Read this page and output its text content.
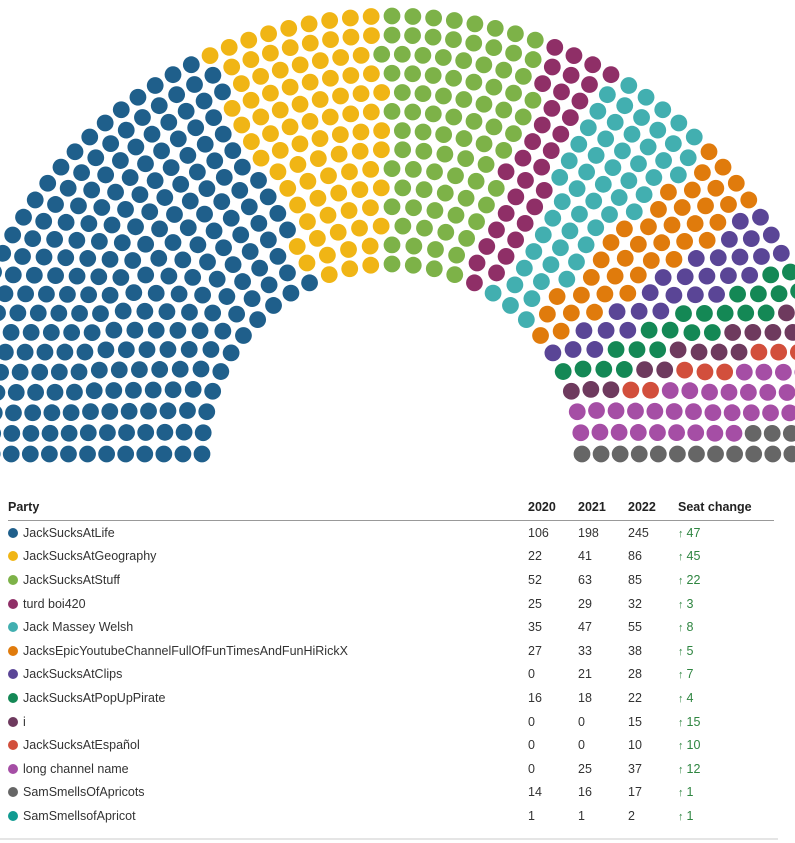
Party	2020	2021	2022	Seat change
JackSucksAtLife	106	198	245	↑ 47
JackSucksAtGeography	22	41	86	↑ 45
JackSucksAtStuff	52	63	85	↑ 22
turd boi420	25	29	32	↑ 3
Jack Massey Welsh	35	47	55	↑ 8
JacksEpicYoutubeChannelFullOfFunTimesAndFunHiRickX	27	33	38	↑ 5
JackSucksAtClips	0	21	28	↑ 7
JackSucksAtPopUpPirate	16	18	22	↑ 4
i	0	0	15	↑ 15
JackSucksAtEspañol	0	0	10	↑ 10
long channel name	0	25	37	↑ 12
SamSmellsOfApricots	14	16	17	↑ 1
SamSmellsofApricot	1	1	2	↑ 1
